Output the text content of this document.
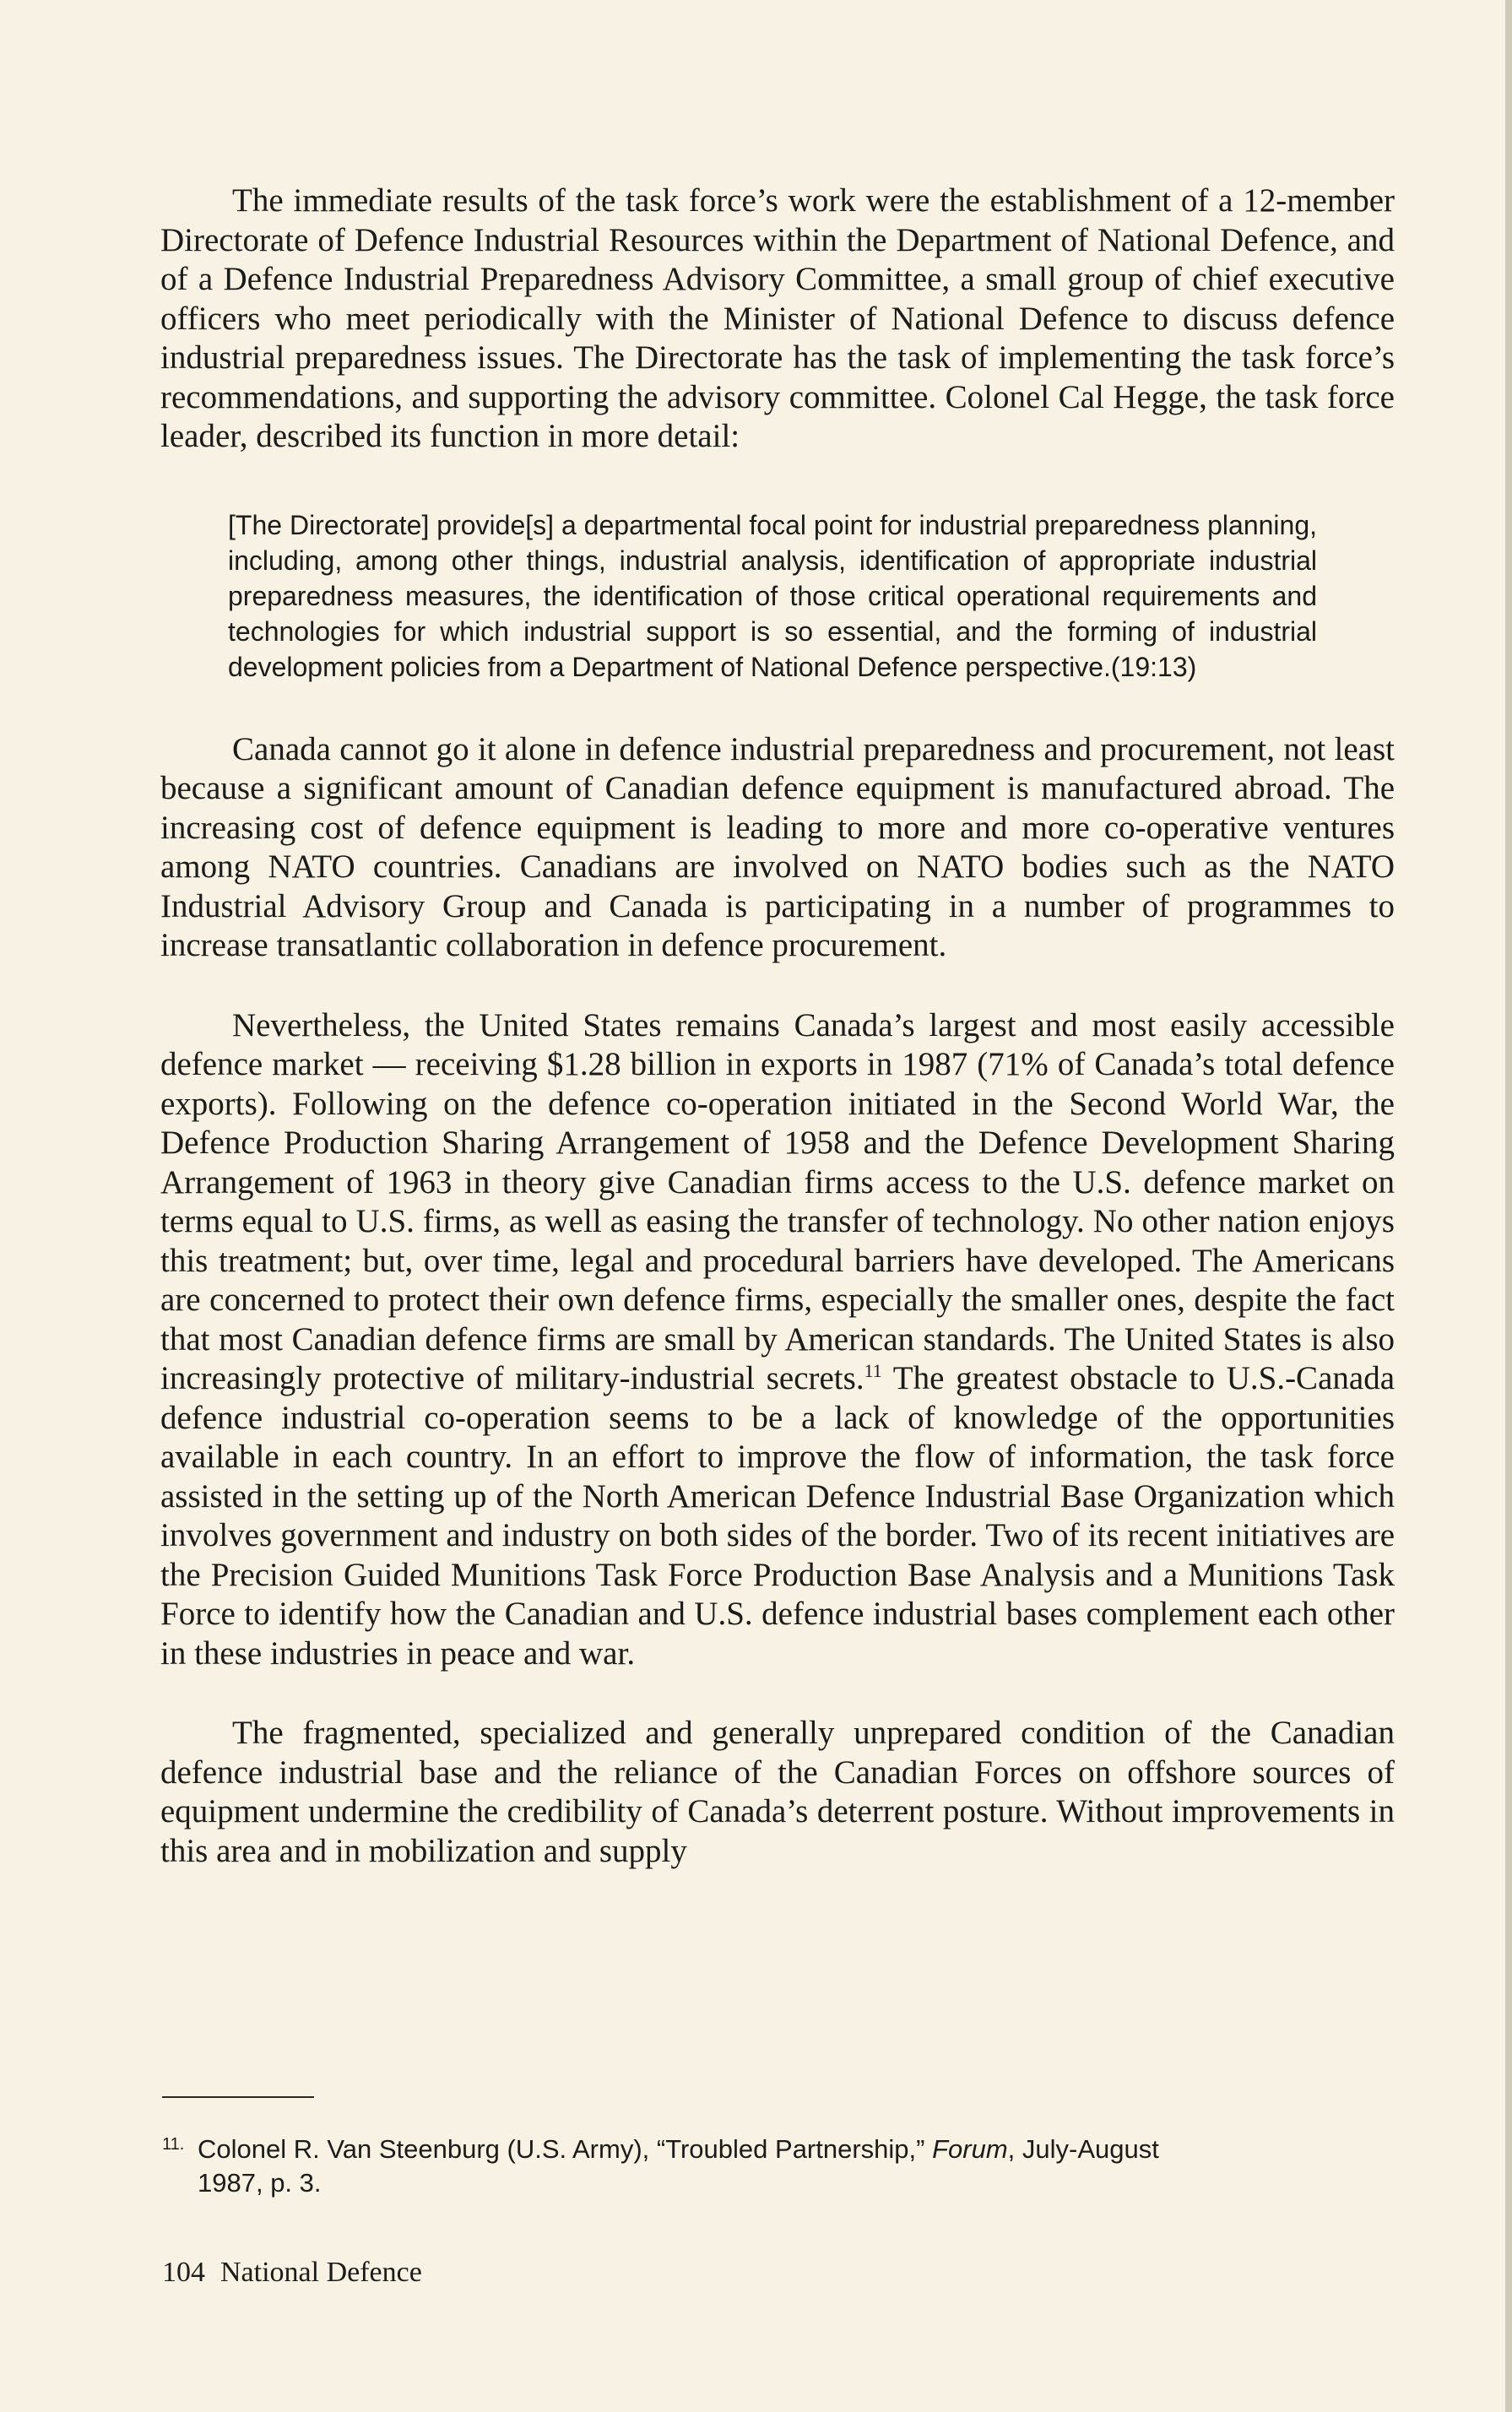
The immediate results of the task force’s work were the establishment of a 12-member Directorate of Defence Industrial Resources within the Department of National Defence, and of a Defence Industrial Preparedness Advisory Committee, a small group of chief executive officers who meet periodically with the Minister of National Defence to discuss defence industrial preparedness issues. The Directorate has the task of implementing the task force’s recommendations, and supporting the advisory committee. Colonel Cal Hegge, the task force leader, described its function in more detail:

[The Directorate] provide[s] a departmental focal point for industrial preparedness planning, including, among other things, industrial analysis, identification of appropriate industrial preparedness measures, the identification of those critical operational requirements and technologies for which industrial support is so essential, and the forming of industrial development policies from a Department of National Defence perspective.(19:13)

Canada cannot go it alone in defence industrial preparedness and procurement, not least because a significant amount of Canadian defence equipment is manufactured abroad. The increasing cost of defence equipment is leading to more and more co-operative ventures among NATO countries. Canadians are involved on NATO bodies such as the NATO Industrial Advisory Group and Canada is participating in a number of programmes to increase transatlantic collaboration in defence procurement.

Nevertheless, the United States remains Canada’s largest and most easily accessible defence market — receiving $1.28 billion in exports in 1987 (71% of Canada’s total defence exports). Following on the defence co-operation initiated in the Second World War, the Defence Production Sharing Arrangement of 1958 and the Defence Development Sharing Arrangement of 1963 in theory give Canadian firms access to the U.S. defence market on terms equal to U.S. firms, as well as easing the transfer of technology. No other nation enjoys this treatment; but, over time, legal and procedural barriers have developed. The Americans are concerned to protect their own defence firms, especially the smaller ones, despite the fact that most Canadian defence firms are small by American standards. The United States is also increasingly protective of military-industrial secrets.$^{11}$ The greatest obstacle to U.S.-Canada defence industrial co-operation seems to be a lack of knowledge of the opportunities available in each country. In an effort to improve the flow of information, the task force assisted in the setting up of the North American Defence Industrial Base Organization which involves government and industry on both sides of the border. Two of its recent initiatives are the Precision Guided Munitions Task Force Production Base Analysis and a Munitions Task Force to identify how the Canadian and U.S. defence industrial bases complement each other in these industries in peace and war.

The fragmented, specialized and generally unprepared condition of the Canadian defence industrial base and the reliance of the Canadian Forces on offshore sources of equipment undermine the credibility of Canada’s deterrent posture. Without improvements in this area and in mobilization and supply

11. Colonel R. Van Steenburg (U.S. Army), “Troubled Partnership,” Forum, July-August
1987, p. 3.
104 National Defence
